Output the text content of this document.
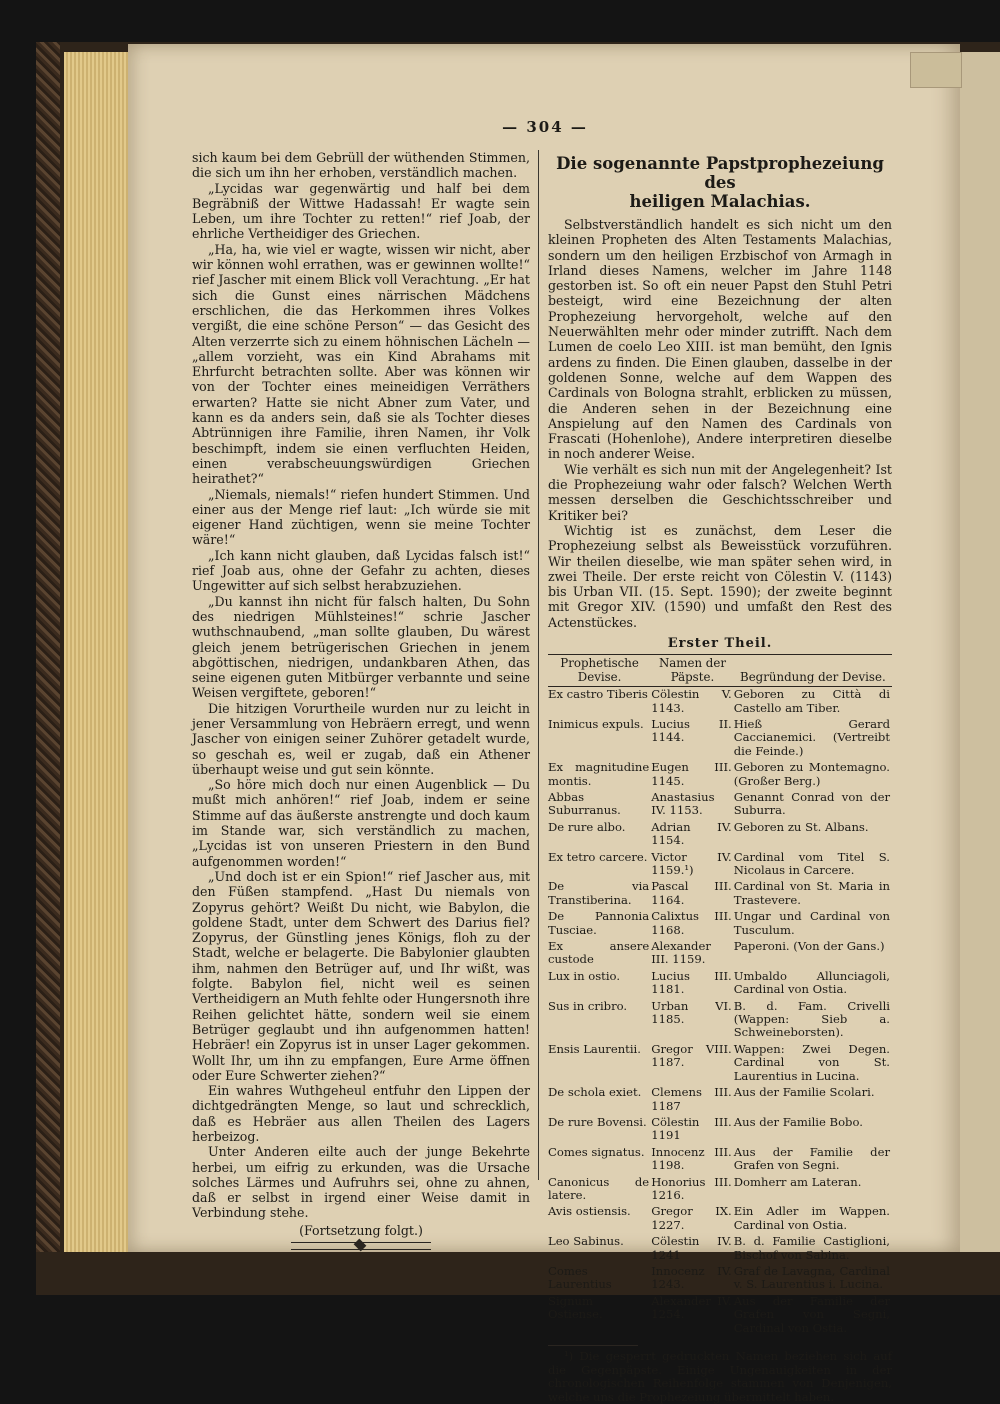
— 304 —

sich kaum bei dem Gebrüll der wüthenden Stimmen, die sich um ihn her erhoben, verständlich machen.

„Lycidas war gegenwärtig und half bei dem Begräbniß der Wittwe Hadassah! Er wagte sein Leben, um ihre Tochter zu retten!“ rief Joab, der ehrliche Vertheidiger des Griechen.

„Ha, ha, wie viel er wagte, wissen wir nicht, aber wir können wohl errathen, was er gewinnen wollte!“ rief Jascher mit einem Blick voll Verachtung. „Er hat sich die Gunst eines närrischen Mädchens erschlichen, die das Herkommen ihres Volkes vergißt, die eine schöne Person“ — das Gesicht des Alten verzerrte sich zu einem höhnischen Lächeln — „allem vorzieht, was ein Kind Abrahams mit Ehrfurcht betrachten sollte. Aber was können wir von der Tochter eines meineidigen Verräthers erwarten? Hatte sie nicht Abner zum Vater, und kann es da anders sein, daß sie als Tochter dieses Abtrünnigen ihre Familie, ihren Namen, ihr Volk beschimpft, indem sie einen verfluchten Heiden, einen verabscheuungswürdigen Griechen heirathet?“

„Niemals, niemals!“ riefen hundert Stimmen. Und einer aus der Menge rief laut: „Ich würde sie mit eigener Hand züchtigen, wenn sie meine Tochter wäre!“

„Ich kann nicht glauben, daß Lycidas falsch ist!“ rief Joab aus, ohne der Gefahr zu achten, dieses Ungewitter auf sich selbst herabzuziehen.

„Du kannst ihn nicht für falsch halten, Du Sohn des niedrigen Mühlsteines!“ schrie Jascher wuthschnaubend, „man sollte glauben, Du wärest gleich jenem betrügerischen Griechen in jenem abgöttischen, niedrigen, undankbaren Athen, das seine eigenen guten Mitbürger verbannte und seine Weisen vergiftete, geboren!“

Die hitzigen Vorurtheile wurden nur zu leicht in jener Versammlung von Hebräern erregt, und wenn Jascher von einigen seiner Zuhörer getadelt wurde, so geschah es, weil er zugab, daß ein Athener überhaupt weise und gut sein könnte.

„So höre mich doch nur einen Augenblick — Du mußt mich anhören!“ rief Joab, indem er seine Stimme auf das äußerste anstrengte und doch kaum im Stande war, sich verständlich zu machen, „Lycidas ist von unseren Priestern in den Bund aufgenommen worden!“

„Und doch ist er ein Spion!“ rief Jascher aus, mit den Füßen stampfend. „Hast Du niemals von Zopyrus gehört? Weißt Du nicht, wie Babylon, die goldene Stadt, unter dem Schwert des Darius fiel? Zopyrus, der Günstling jenes Königs, floh zu der Stadt, welche er belagerte. Die Babylonier glaubten ihm, nahmen den Betrüger auf, und Ihr wißt, was folgte. Babylon fiel, nicht weil es seinen Vertheidigern an Muth fehlte oder Hungersnoth ihre Reihen gelichtet hätte, sondern weil sie einem Betrüger geglaubt und ihn aufgenommen hatten! Hebräer! ein Zopyrus ist in unser Lager gekommen. Wollt Ihr, um ihn zu empfangen, Eure Arme öffnen oder Eure Schwerter ziehen?“

Ein wahres Wuthgeheul entfuhr den Lippen der dichtgedrängten Menge, so laut und schrecklich, daß es Hebräer aus allen Theilen des Lagers herbeizog.

Unter Anderen eilte auch der junge Bekehrte herbei, um eifrig zu erkunden, was die Ursache solches Lärmes und Aufruhrs sei, ohne zu ahnen, daß er selbst in irgend einer Weise damit in Verbindung stehe.

(Fortsetzung folgt.)
Die sogenannte Papstprophezeiung des
heiligen Malachias.

Selbstverständlich handelt es sich nicht um den kleinen Propheten des Alten Testaments Malachias, sondern um den heiligen Erzbischof von Armagh in Irland dieses Namens, welcher im Jahre 1148 gestorben ist. So oft ein neuer Papst den Stuhl Petri besteigt, wird eine Bezeichnung der alten Prophezeiung hervorgeholt, welche auf den Neuerwählten mehr oder minder zutrifft. Nach dem Lumen de coelo Leo XIII. ist man bemüht, den Ignis ardens zu finden. Die Einen glauben, dasselbe in der goldenen Sonne, welche auf dem Wappen des Cardinals von Bologna strahlt, erblicken zu müssen, die Anderen sehen in der Bezeichnung eine Anspielung auf den Namen des Cardinals von Frascati (Hohenlohe), Andere interpretiren dieselbe in noch anderer Weise.

Wie verhält es sich nun mit der Angelegenheit? Ist die Prophezeiung wahr oder falsch? Welchen Werth messen derselben die Geschichtsschreiber und Kritiker bei?

Wichtig ist es zunächst, dem Leser die Prophezeiung selbst als Beweisstück vorzuführen. Wir theilen dieselbe, wie man später sehen wird, in zwei Theile. Der erste reicht von Cölestin V. (1143) bis Urban VII. (15. Sept. 1590); der zweite beginnt mit Gregor XIV. (1590) und umfaßt den Rest des Actenstückes.

Erster Theil.
Prophetische Devise.	Namen der Päpste.	Begründung der Devise.
Ex castro Tiberis	Cölestin V. 1143.	Geboren zu Città di Castello am Tiber.
Inimicus expuls.	Lucius II. 1144.	Hieß Gerard Caccianemici. (Vertreibt die Feinde.)
Ex magnitudine montis.	Eugen III. 1145.	Geboren zu Montemagno. (Großer Berg.)
Abbas Suburranus.	Anastasius IV. 1153.	Genannt Conrad von der Suburra.
De rure albo.	Adrian IV. 1154.	Geboren zu St. Albans.
Ex tetro carcere.	Victor IV. 1159.¹)	Cardinal vom Titel S. Nicolaus in Carcere.
De via Transtiberina.	Pascal III. 1164.	Cardinal von St. Maria in Trastevere.
De Pannonia Tusciae.	Calixtus III. 1168.	Ungar und Cardinal von Tusculum.
Ex ansere custode	Alexander III. 1159.	Paperoni. (Von der Gans.)
Lux in ostio.	Lucius III. 1181.	Umbaldo Allunciagoli, Cardinal von Ostia.
Sus in cribro.	Urban VI. 1185.	B. d. Fam. Crivelli (Wappen: Sieb a. Schweineborsten).
Ensis Laurentii.	Gregor VIII. 1187.	Wappen: Zwei Degen. Cardinal von St. Laurentius in Lucina.
De schola exiet.	Clemens III. 1187	Aus der Familie Scolari.
De rure Bovensi.	Cölestin III. 1191	Aus der Familie Bobo.
Comes signatus.	Innocenz III. 1198.	Aus der Familie der Grafen von Segni.
Canonicus de latere.	Honorius III. 1216.	Domherr am Lateran.
Avis ostiensis.	Gregor IX. 1227.	Ein Adler im Wappen. Cardinal von Ostia.
Leo Sabinus.	Cölestin IV. 1241	B. d. Familie Castiglioni, Bischof von Sabina.
Comes Laurentius	Innocenz IV. 1243.	Graf de Lavagna, Cardinal v. S. Laurentius i. Lucina.
Signum Ostiense.	Alexander IV. 1254.	Aus der Familie der Grafen von Segni, Cardinal von Ostia.
¹) Die gesperrt gedruckten Namen beziehen sich auf die Gegenpäpste. Einige Ungenauigkeiten in der chronologischen Reihenfolge stammen von Denjenigen, welche uns die Prophezeiung übermittelt haben.
